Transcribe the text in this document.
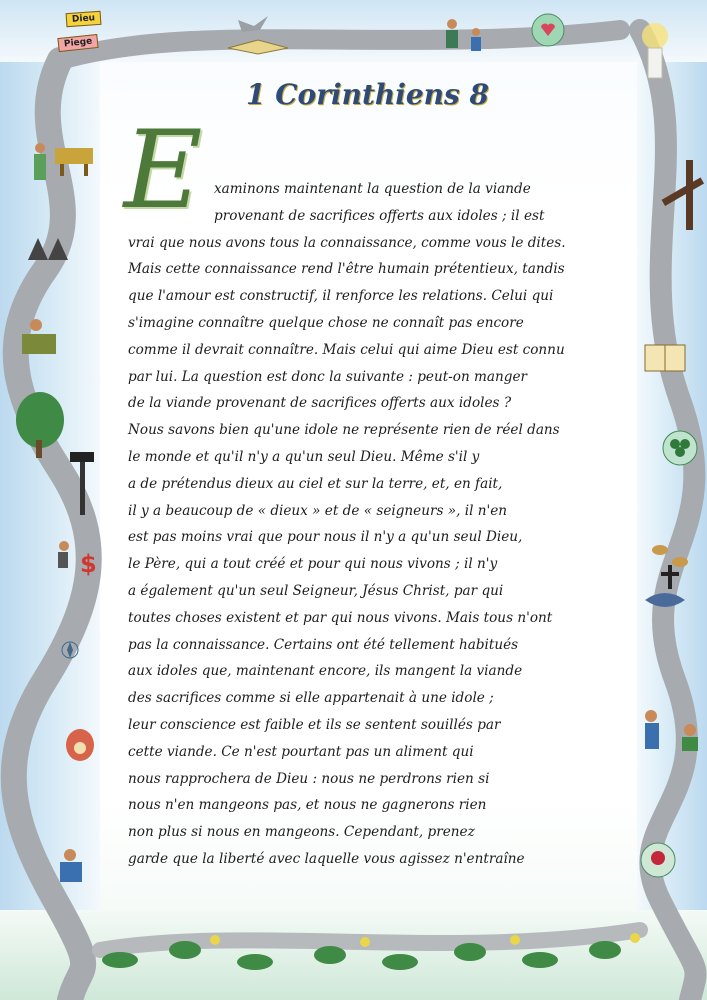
$
Dieu
Piege
1 Corinthiens 8
E xaminons maintenant la question de la viande
provenant de sacrifices offerts aux idoles ; il est
vrai que nous avons tous la connaissance, comme vous le dites.
Mais cette connaissance rend l'être humain prétentieux, tandis
que l'amour est constructif, il renforce les relations. Celui qui
s'imagine connaître quelque chose ne connaît pas encore
comme il devrait connaître. Mais celui qui aime Dieu est connu
par lui. La question est donc la suivante : peut-on manger
de la viande provenant de sacrifices offerts aux idoles ?
Nous savons bien qu'une idole ne représente rien de réel dans
le monde et qu'il n'y a qu'un seul Dieu. Même s'il y
a de prétendus dieux au ciel et sur la terre, et, en fait,
il y a beaucoup de « dieux » et de « seigneurs », il n'en
est pas moins vrai que pour nous il n'y a qu'un seul Dieu,
le Père, qui a tout créé et pour qui nous vivons ; il n'y
a également qu'un seul Seigneur, Jésus Christ, par qui
toutes choses existent et par qui nous vivons. Mais tous n'ont
pas la connaissance. Certains ont été tellement habitués
aux idoles que, maintenant encore, ils mangent la viande
des sacrifices comme si elle appartenait à une idole ;
leur conscience est faible et ils se sentent souillés par
cette viande. Ce n'est pourtant pas un aliment qui
nous rapprochera de Dieu : nous ne perdrons rien si
nous n'en mangeons pas, et nous ne gagnerons rien
non plus si nous en mangeons. Cependant, prenez
garde que la liberté avec laquelle vous agissez n'entraîne
